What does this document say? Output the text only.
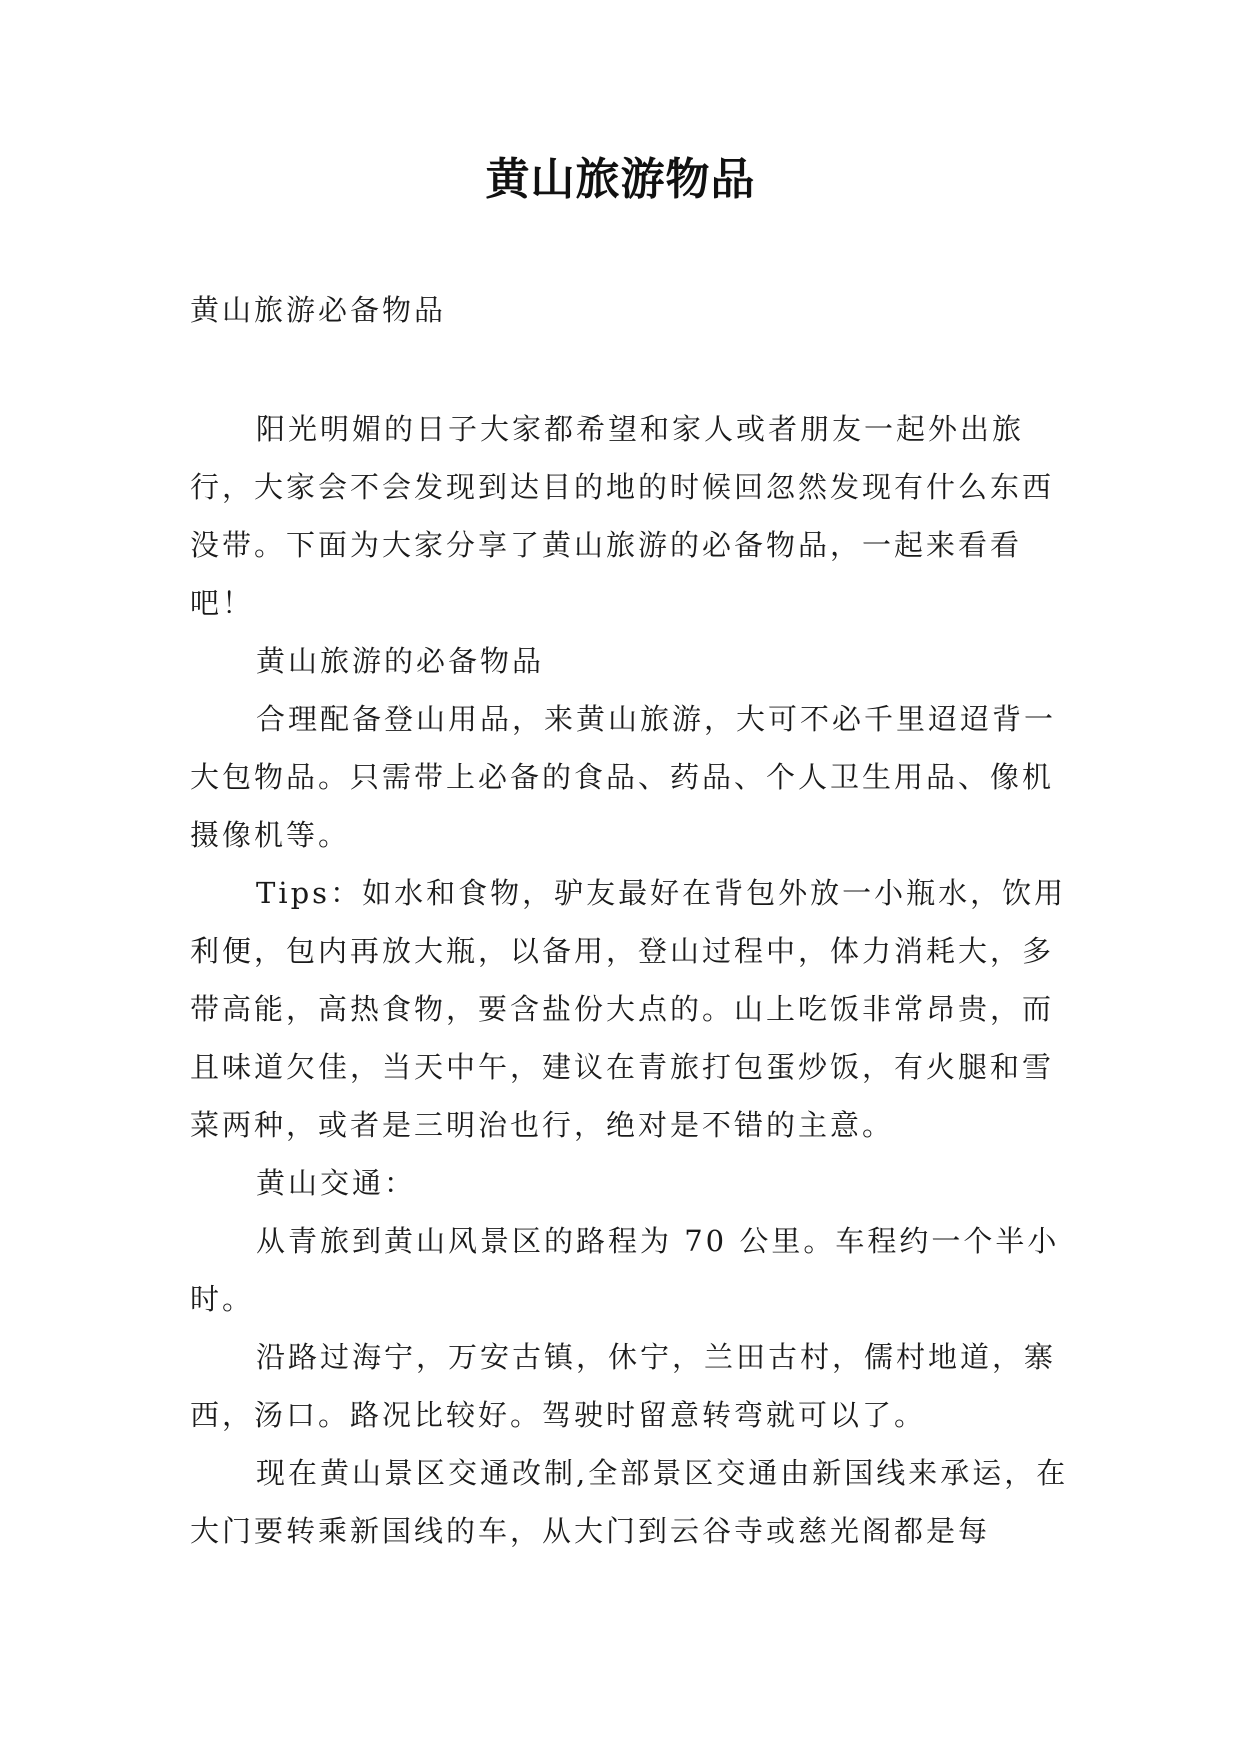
黄山旅游物品

黄山旅游必备物品

阳光明媚的日子大家都希望和家人或者朋友一起外出旅行，大家会不会发现到达目的地的时候回忽然发现有什么东西没带。下面为大家分享了黄山旅游的必备物品，一起来看看吧！

黄山旅游的必备物品

合理配备登山用品，来黄山旅游，大可不必千里迢迢背一大包物品。只需带上必备的食品、药品、个人卫生用品、像机摄像机等。

Tips：如水和食物，驴友最好在背包外放一小瓶水，饮用利便，包内再放大瓶，以备用，登山过程中，体力消耗大，多带高能，高热食物，要含盐份大点的。山上吃饭非常昂贵，而且味道欠佳，当天中午，建议在青旅打包蛋炒饭，有火腿和雪菜两种，或者是三明治也行，绝对是不错的主意。

黄山交通：

从青旅到黄山风景区的路程为 70 公里。车程约一个半小时。

沿路过海宁，万安古镇，休宁，兰田古村，儒村地道，寨西，汤口。路况比较好。驾驶时留意转弯就可以了。

现在黄山景区交通改制,全部景区交通由新国线来承运，在大门要转乘新国线的车，从大门到云谷寺或慈光阁都是每
